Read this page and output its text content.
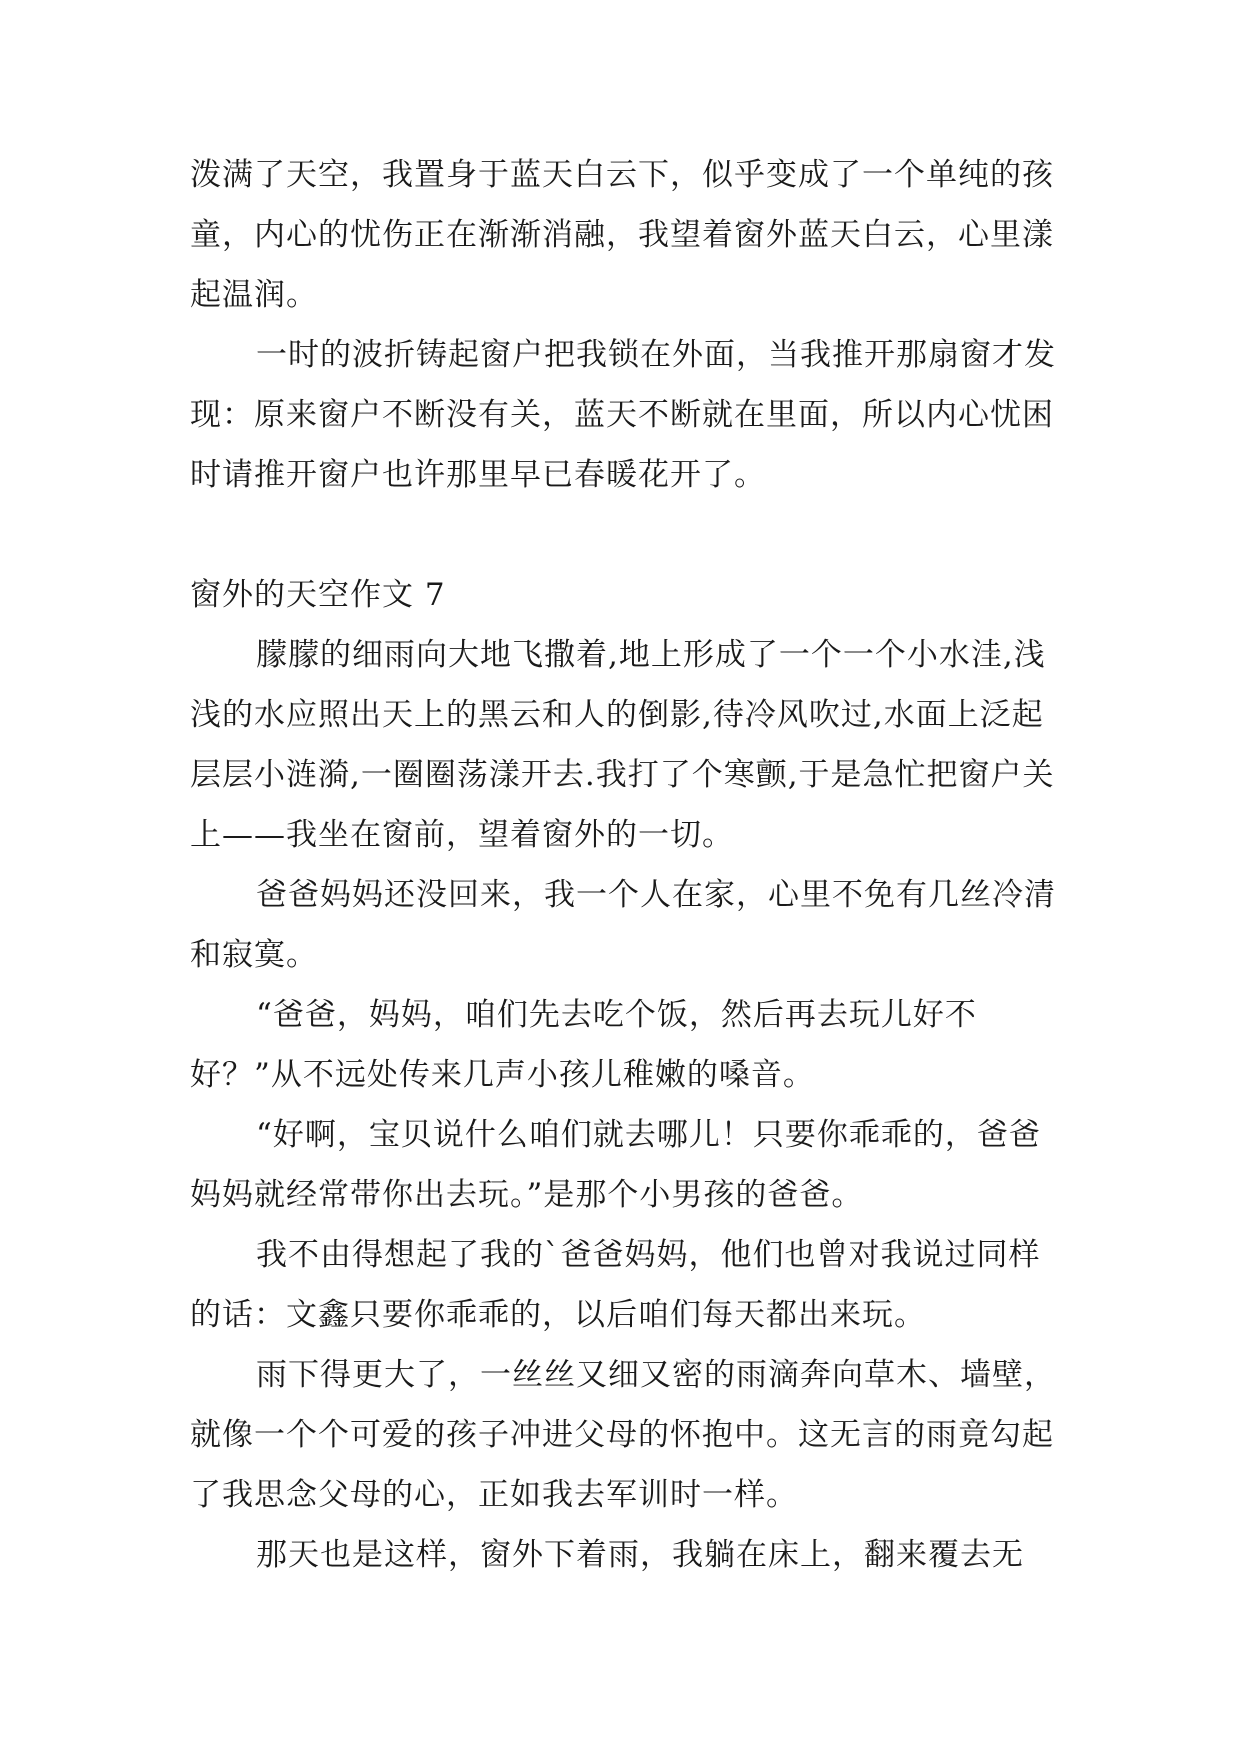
泼满了天空，我置身于蓝天白云下，似乎变成了一个单纯的孩童，内心的忧伤正在渐渐消融，我望着窗外蓝天白云，心里漾起温润。

一时的波折铸起窗户把我锁在外面，当我推开那扇窗才发现：原来窗户不断没有关，蓝天不断就在里面，所以内心忧困时请推开窗户也许那里早已春暖花开了。

窗外的天空作文 7

朦朦的细雨向大地飞撒着,地上形成了一个一个小水洼,浅浅的水应照出天上的黑云和人的倒影,待冷风吹过,水面上泛起层层小涟漪,一圈圈荡漾开去.我打了个寒颤,于是急忙把窗户关上——我坐在窗前，望着窗外的一切。

爸爸妈妈还没回来，我一个人在家，心里不免有几丝冷清和寂寞。

“爸爸，妈妈，咱们先去吃个饭，然后再去玩儿好不好？”从不远处传来几声小孩儿稚嫩的嗓音。

“好啊，宝贝说什么咱们就去哪儿！只要你乖乖的，爸爸妈妈就经常带你出去玩。”是那个小男孩的爸爸。

我不由得想起了我的`爸爸妈妈，他们也曾对我说过同样的话：文鑫只要你乖乖的，以后咱们每天都出来玩。

雨下得更大了，一丝丝又细又密的雨滴奔向草木、墙壁，就像一个个可爱的孩子冲进父母的怀抱中。这无言的雨竟勾起了我思念父母的心，正如我去军训时一样。

那天也是这样，窗外下着雨，我躺在床上，翻来覆去无
